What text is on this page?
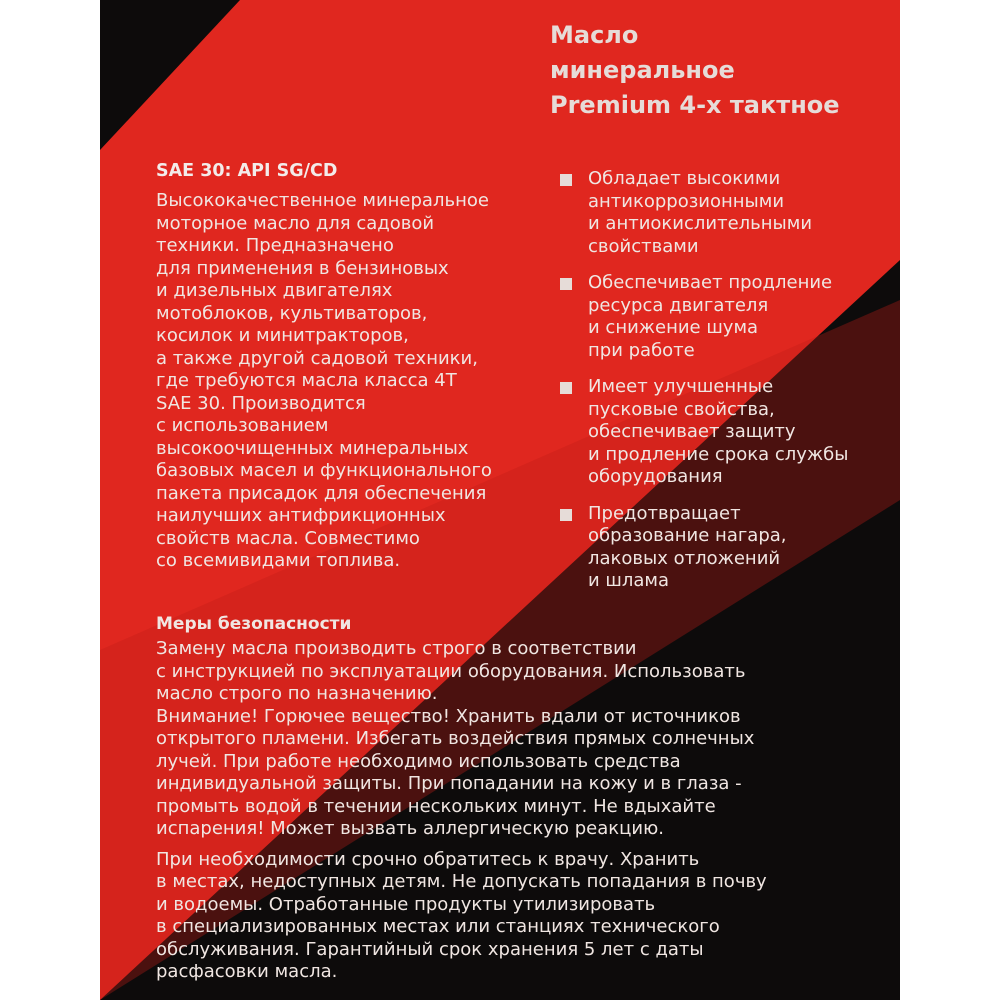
Масло
минеральное
Premium 4-х тактное
SAE 30: API SG/CD
Высококачественное минеральное
моторное масло для садовой
техники. Предназначено
для применения в бензиновых
и дизельных двигателях
мотоблоков, культиваторов,
косилок и минитракторов,
а также другой садовой техники,
где требуются масла класса 4Т
SAE 30. Производится
с использованием
высокоочищенных минеральных
базовых масел и функционального
пакета присадок для обеспечения
наилучших антифрикционных
свойств масла. Совместимо
со всемивидами топлива.
Обладает высокими
антикоррозионными
и антиокислительными
свойствами
Обеспечивает продление
ресурса двигателя
и снижение шума
при работе
Имеет улучшенные
пусковые свойства,
обеспечивает защиту
и продление срока службы
оборудования
Предотвращает
образование нагара,
лаковых отложений
и шлама
Меры безопасности
Замену масла производить строго в соответствии
с инструкцией по эксплуатации оборудования. Использовать
масло строго по назначению.
Внимание! Горючее вещество! Хранить вдали от источников
открытого пламени. Избегать воздействия прямых солнечных
лучей. При работе необходимо использовать средства
индивидуальной защиты. При попадании на кожу и в глаза -
промыть водой в течении нескольких минут. Не вдыхайте
испарения! Может вызвать аллергическую реакцию.
При необходимости срочно обратитесь к врачу. Хранить
в местах, недоступных детям. Не допускать попадания в почву
и водоемы. Отработанные продукты утилизировать
в специализированных местах или станциях технического
обслуживания. Гарантийный срок хранения 5 лет с даты
расфасовки масла.
